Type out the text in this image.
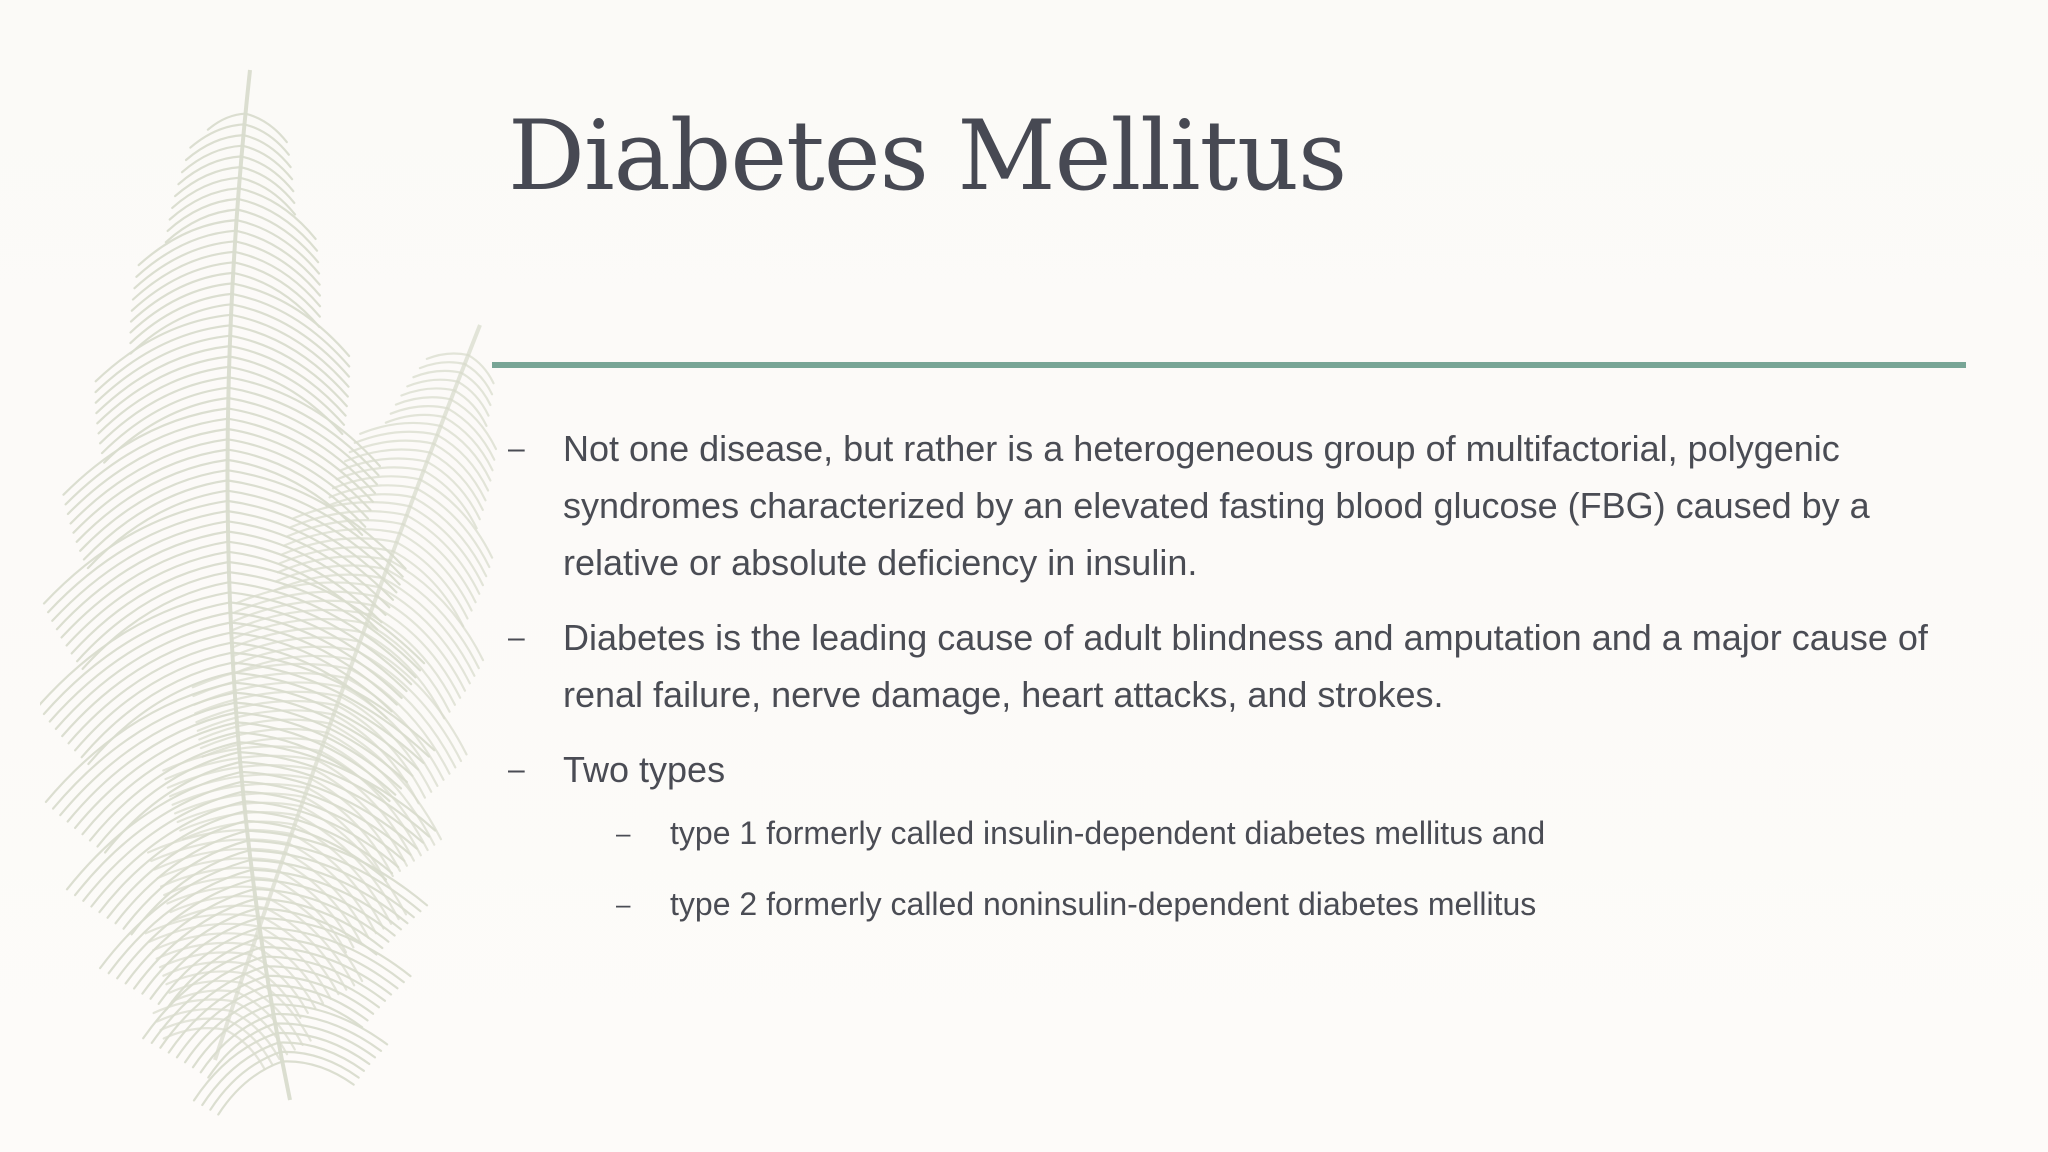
Diabetes Mellitus
–	Not one disease, but rather is a heterogeneous group of multifactorial, polygenic syndromes characterized by an elevated fasting blood glucose (FBG) caused by a relative or absolute deficiency in insulin.
–	Diabetes is the leading cause of adult blindness and amputation and a major cause of renal failure, nerve damage, heart attacks, and strokes.
–	Two types
–	type 1 formerly called insulin-dependent diabetes mellitus and
–	type 2 formerly called noninsulin-dependent diabetes mellitus
